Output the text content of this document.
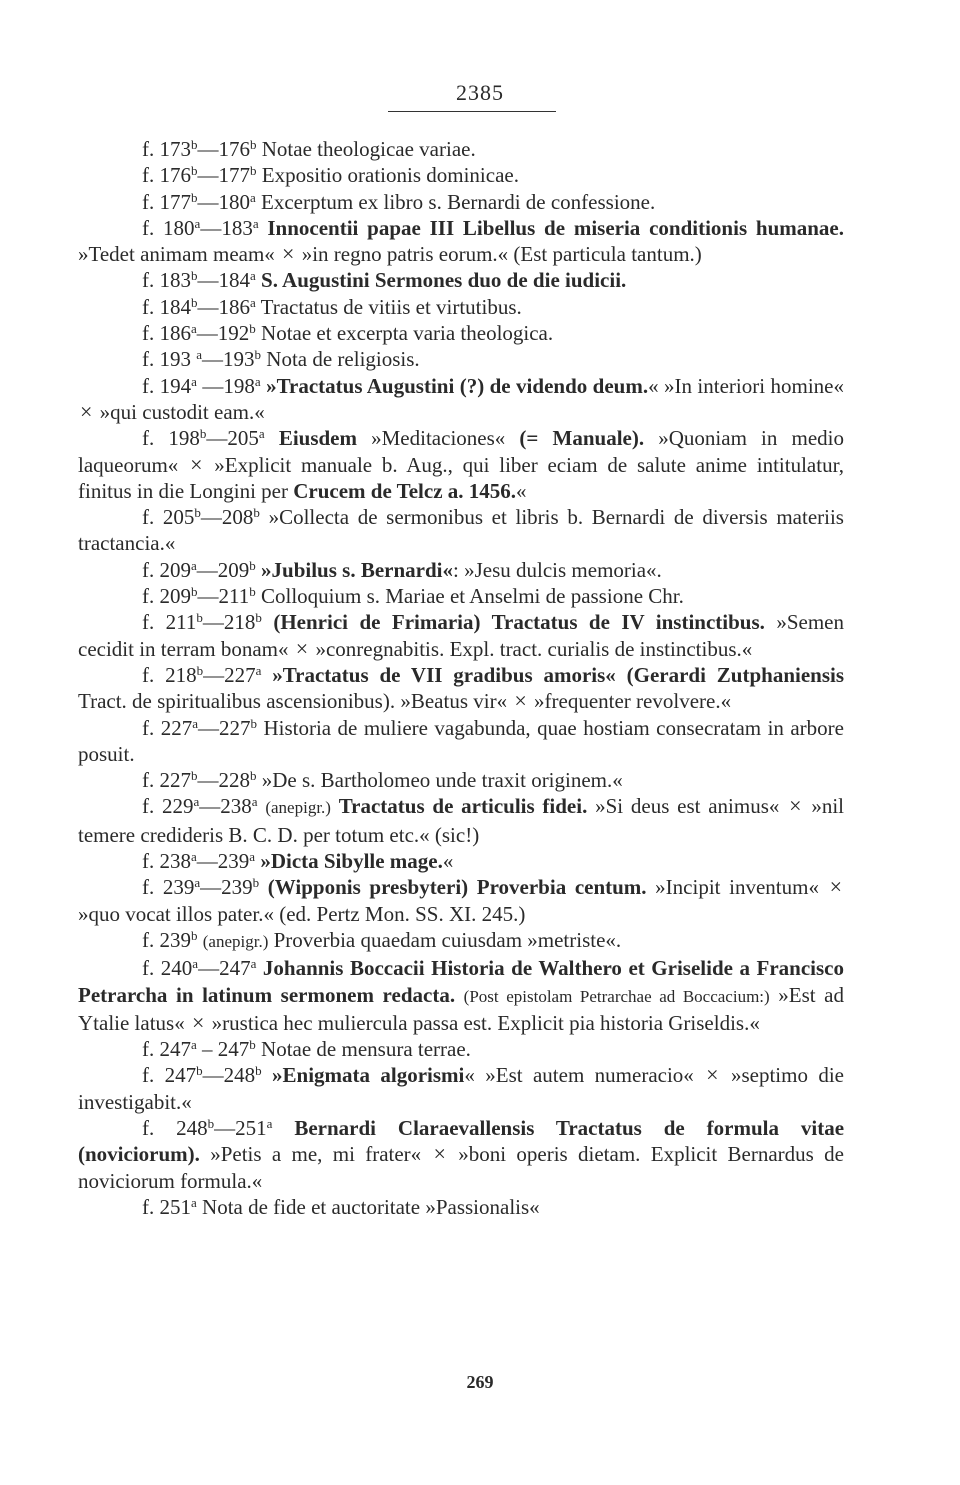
2385
f. 173$^b$—176$^b$ Notae theologicae variae.
f. 176$^b$—177$^b$ Expositio orationis dominicae.
f. 177$^b$—180$^a$ Excerptum ex libro s. Bernardi de confessione.
f. 180$^a$—183$^a$ Innocentii papae III Libellus de miseria conditionis humanae. »Tedet animam meam« × »in regno patris eorum.« (Est particula tantum.)
f. 183$^b$—184$^a$ S. Augustini Sermones duo de die iudicii.
f. 184$^b$—186$^a$ Tractatus de vitiis et virtutibus.
f. 186$^a$—192$^b$ Notae et excerpta varia theologica.
f. 193 $^a$—193$^b$ Nota de religiosis.
f. 194$^a$ —198$^a$ »Tractatus Augustini (?) de videndo deum.« »In interiori homine« × »qui custodit eam.«
f. 198$^b$—205$^a$ Eiusdem »Meditaciones« (= Manuale). »Quoniam in medio laqueorum« × »Explicit manuale b. Aug., qui liber eciam de salute anime intitulatur, finitus in die Longini per Crucem de Telcz a. 1456.«
f. 205$^b$—208$^b$ »Collecta de sermonibus et libris b. Bernardi de diversis materiis tractancia.«
f. 209$^a$—209$^b$ »Jubilus s. Bernardi«: »Jesu dulcis memoria«.
f. 209$^b$—211$^b$ Colloquium s. Mariae et Anselmi de passione Chr.
f. 211$^b$—218$^b$ (Henrici de Frimaria) Tractatus de IV instinctibus. »Semen cecidit in terram bonam« × »conregnabitis. Expl. tract. curialis de instinctibus.«
f. 218$^b$—227$^a$ »Tractatus de VII gradibus amoris« (Gerardi Zutphaniensis Tract. de spiritualibus ascensionibus). »Beatus vir« × »frequenter revolvere.«
f. 227$^a$—227$^b$ Historia de muliere vagabunda, quae hostiam consecratam in arbore posuit.
f. 227$^b$—228$^b$ »De s. Bartholomeo unde traxit originem.«
f. 229$^a$—238$^a$ (anepigr.) Tractatus de articulis fidei. »Si deus est animus« × »nil temere credideris B. C. D. per totum etc.« (sic!)
f. 238$^a$—239$^a$ »Dicta Sibylle mage.«
f. 239$^a$—239$^b$ (Wipponis presbyteri) Proverbia centum. »Incipit inventum« × »quo vocat illos pater.« (ed. Pertz Mon. SS. XI. 245.)
f. 239$^b$ (anepigr.) Proverbia quaedam cuiusdam »metriste«.
f. 240$^a$—247$^a$ Johannis Boccacii Historia de Walthero et Griselide a Francisco Petrarcha in latinum sermonem redacta. (Post epistolam Petrarchae ad Boccacium:) »Est ad Ytalie latus« × »rustica hec muliercula passa est. Explicit pia historia Griseldis.«
f. 247$^a$ – 247$^b$ Notae de mensura terrae.
f. 247$^b$—248$^b$ »Enigmata algorismi« »Est autem numeracio« × »septimo die investigabit.«
f. 248$^b$—251$^a$ Bernardi Claraevallensis Tractatus de formula vitae (noviciorum). »Petis a me, mi frater« × »boni operis dietam. Explicit Bernardus de noviciorum formula.«
f. 251$^a$ Nota de fide et auctoritate »Passionalis«
269
